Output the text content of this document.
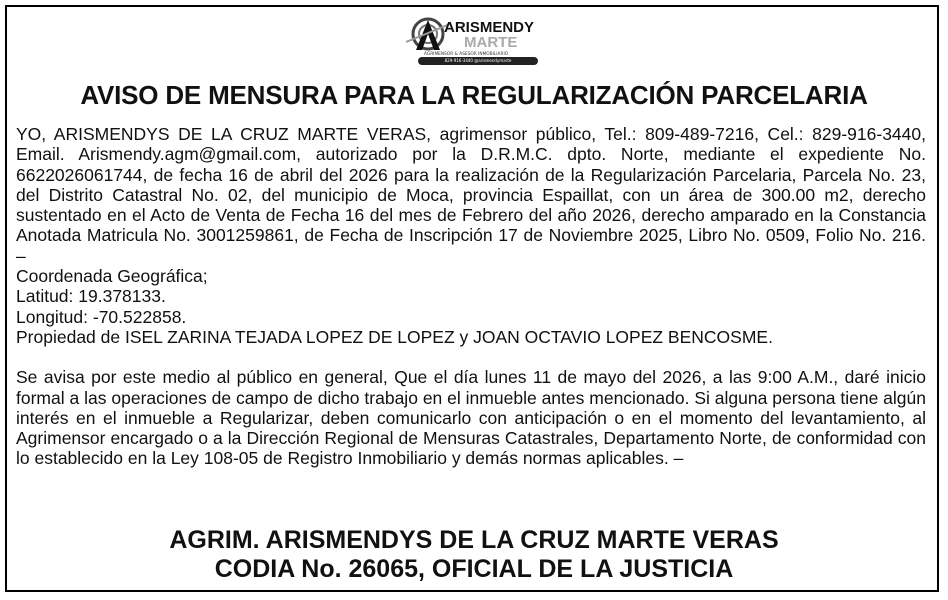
ARISMENDY
MARTE
AGRIMENSOR & ASESOR INMOBILIARIO
829-916-3440 @arismendymarte
AVISO DE MENSURA PARA LA REGULARIZACIÓN PARCELARIA

YO, ARISMENDYS DE LA CRUZ MARTE VERAS, agrimensor público, Tel.: 809-489-7216, Cel.: 829-916-3440, Email. Arismendy.agm@gmail.com, autorizado por la D.R.M.C. dpto. Norte, mediante el expediente No. 6622026061744, de fecha 16 de abril del 2026 para la realización de la Regularización Parcelaria, Parcela No. 23, del Distrito Catastral No. 02, del municipio de Moca, provincia Espaillat, con un área de 300.00 m2, derecho sustentado en el Acto de Venta de Fecha 16 del mes de Febrero del año 2026, derecho amparado en la Constancia Anotada Matricula No. 3001259861, de Fecha de Inscripción 17 de Noviembre 2025, Libro No. 0509, Folio No. 216. –

Coordenada Geográfica;

Latitud: 19.378133.

Longitud: -70.522858.

Propiedad de ISEL ZARINA TEJADA LOPEZ DE LOPEZ y JOAN OCTAVIO LOPEZ BENCOSME.

Se avisa por este medio al público en general, Que el día lunes 11 de mayo del 2026, a las 9:00 A.M., daré inicio formal a las operaciones de campo de dicho trabajo en el inmueble antes mencionado. Si alguna persona tiene algún interés en el inmueble a Regularizar, deben comunicarlo con anticipación o en el momento del levantamiento, al Agrimensor encargado o a la Dirección Regional de Mensuras Catastrales, Departamento Norte, de conformidad con lo establecido en la Ley 108-05 de Registro Inmobiliario y demás normas aplicables. –

AGRIM. ARISMENDYS DE LA CRUZ MARTE VERAS
CODIA No. 26065, OFICIAL DE LA JUSTICIA
